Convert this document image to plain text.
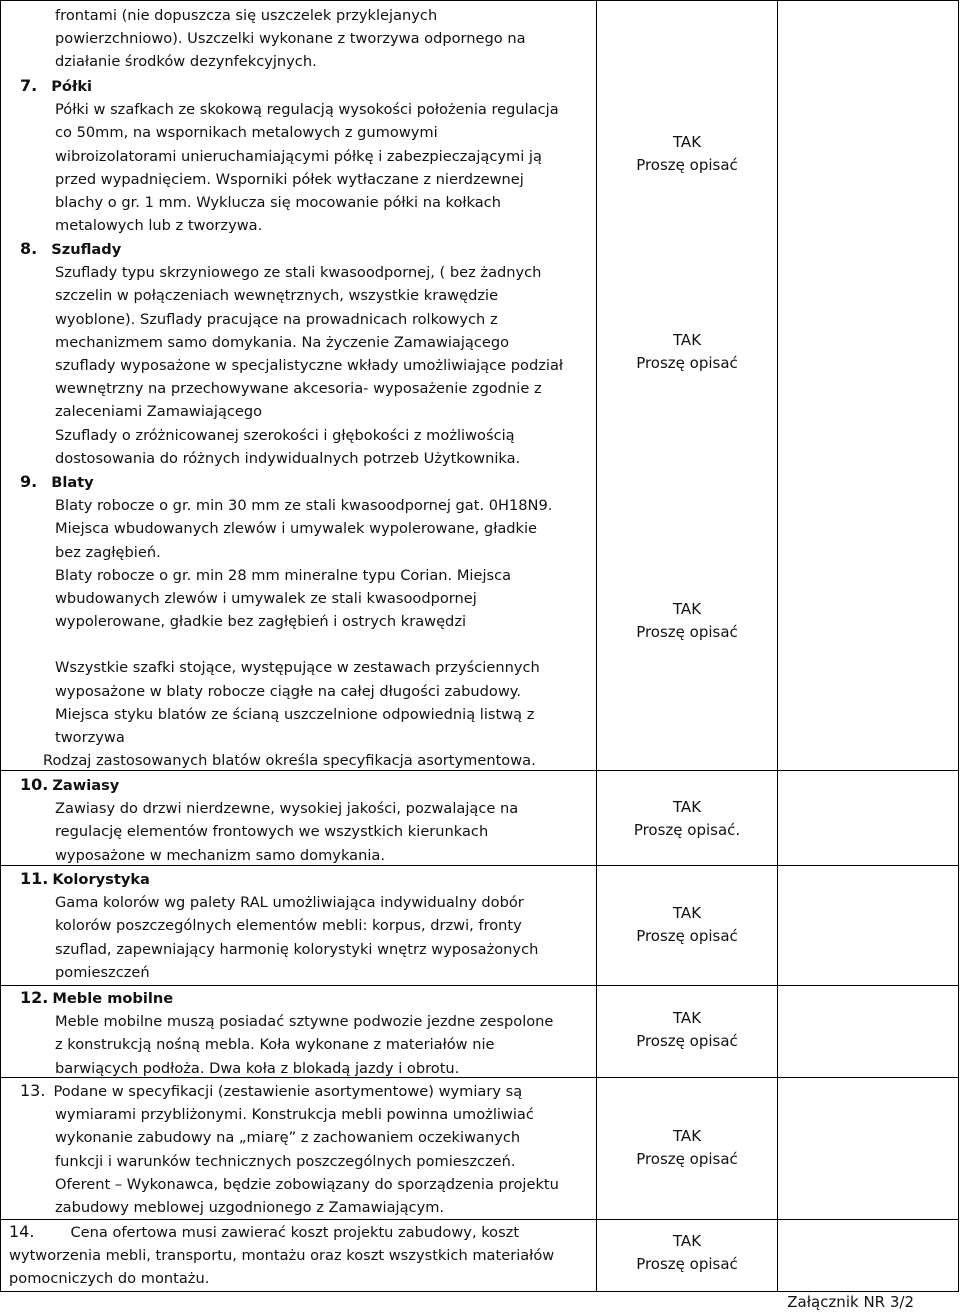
frontami (nie dopuszcza się uszczelek przyklejanych
powierzchniowo). Uszczelki wykonane z tworzywa odpornego na
działanie środków dezynfekcyjnych.
7. Półki
Półki w szafkach ze skokową regulacją wysokości położenia regulacja
co 50mm, na wspornikach metalowych z gumowymi
wibroizolatorami unieruchamiającymi półkę i zabezpieczającymi ją
przed wypadnięciem. Wsporniki półek wytłaczane z nierdzewnej
blachy o gr. 1 mm. Wyklucza się mocowanie półki na kołkach
metalowych lub z tworzywa.
TAK
Proszę opisać
8. Szuflady
Szuflady typu skrzyniowego ze stali kwasoodpornej, ( bez żadnych
szczelin w połączeniach wewnętrznych, wszystkie krawędzie
wyoblone). Szuflady pracujące na prowadnicach rolkowych z
mechanizmem samo domykania. Na życzenie Zamawiającego
szuflady wyposażone w specjalistyczne wkłady umożliwiające podział
wewnętrzny na przechowywane akcesoria- wyposażenie zgodnie z
zaleceniami Zamawiającego
Szuflady o zróżnicowanej szerokości i głębokości z możliwością
dostosowania do różnych indywidualnych potrzeb Użytkownika.
TAK
Proszę opisać
9. Blaty
Blaty robocze o gr. min 30 mm ze stali kwasoodpornej gat. 0H18N9.
Miejsca wbudowanych zlewów i umywalek wypolerowane, gładkie
bez zagłębień.
Blaty robocze o gr. min 28 mm mineralne typu Corian. Miejsca
wbudowanych zlewów i umywalek ze stali kwasoodpornej
wypolerowane, gładkie bez zagłębień i ostrych krawędzi
Wszystkie szafki stojące, występujące w zestawach przyściennych
wyposażone w blaty robocze ciągłe na całej długości zabudowy.
Miejsca styku blatów ze ścianą uszczelnione odpowiednią listwą z
tworzywa
Rodzaj zastosowanych blatów określa specyfikacja asortymentowa.
TAK
Proszę opisać
10. Zawiasy
Zawiasy do drzwi nierdzewne, wysokiej jakości, pozwalające na
regulację elementów frontowych we wszystkich kierunkach
wyposażone w mechanizm samo domykania.
TAK
Proszę opisać.
11. Kolorystyka
Gama kolorów wg palety RAL umożliwiająca indywidualny dobór
kolorów poszczególnych elementów mebli: korpus, drzwi, fronty
szuflad, zapewniający harmonię kolorystyki wnętrz wyposażonych
pomieszczeń
TAK
Proszę opisać
12. Meble mobilne
Meble mobilne muszą posiadać sztywne podwozie jezdne zespolone
z konstrukcją nośną mebla. Koła wykonane z materiałów nie
barwiących podłoża. Dwa koła z blokadą jazdy i obrotu.
TAK
Proszę opisać
13. Podane w specyfikacji (zestawienie asortymentowe) wymiary są
wymiarami przybliżonymi. Konstrukcja mebli powinna umożliwiać
wykonanie zabudowy na „miarę” z zachowaniem oczekiwanych
funkcji i warunków technicznych poszczególnych pomieszczeń.
Oferent – Wykonawca, będzie zobowiązany do sporządzenia projektu
zabudowy meblowej uzgodnionego z Zamawiającym.
TAK
Proszę opisać
14. Cena ofertowa musi zawierać koszt projektu zabudowy, koszt
wytworzenia mebli, transportu, montażu oraz koszt wszystkich materiałów
pomocniczych do montażu.
TAK
Proszę opisać
Załącznik NR 3/2
